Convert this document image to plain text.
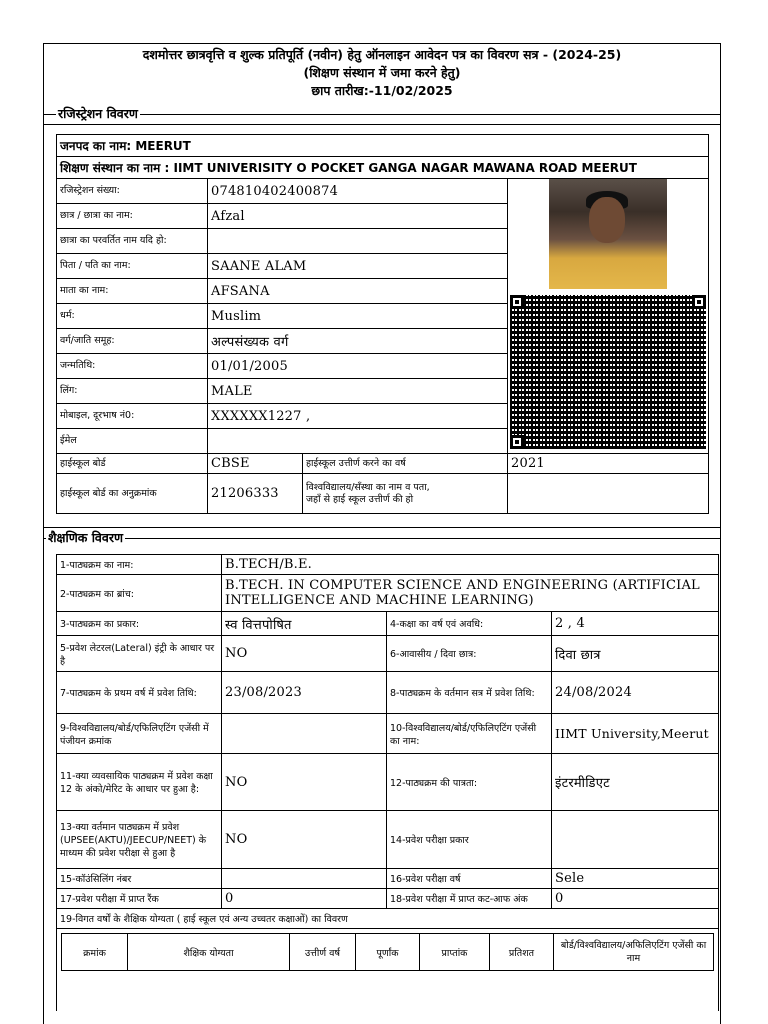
दशमोत्तर छात्रवृत्ति व शुल्क प्रतिपूर्ति (नवीन) हेतु ऑनलाइन आवेदन पत्र का विवरण सत्र - (2024-25)
(शिक्षण संस्थान में जमा करने हेतु)
छाप तारीख:-11/02/2025
रजिस्ट्रेशन विवरण
जनपद का नाम: MEERUT			
शिक्षण संस्थान का नाम : IIMT UNIVERISITY O POCKET GANGA NAGAR MAWANA ROAD MEERUT			
रजिस्ट्रेशन संख्या:	074810402400874		

छात्र / छात्रा का नाम:	Afzal		
छात्रा का परवर्तित नाम यदि हो:			
पिता / पति का नाम:	SAANE ALAM		
माता का नाम:	AFSANA		
धर्म:	Muslim		
वर्ग/जाति समूह:	अल्पसंख्यक वर्ग		
जन्मतिथि:	01/01/2005		
लिंग:	MALE		
मोबाइल, दूरभाष नं0:	XXXXXX1227 ,		
ईमेल			
हाईस्कूल बोर्ड	CBSE	हाईस्कूल उत्तीर्ण करने का वर्ष	2021
हाईस्कूल बोर्ड का अनुक्रमांक	21206333	विश्वविद्यालय/सँस्था का नाम व पता,
जहाँ से हाई स्कूल उत्तीर्ण की हो	

शैक्षणिक विवरण
1-पाठ्यक्रम का नाम:	B.TECH/B.E.
2-पाठ्यक्रम का ब्रांच:	B.TECH. IN COMPUTER SCIENCE AND ENGINEERING (ARTIFICIAL INTELLIGENCE AND MACHINE LEARNING)
3-पाठ्यक्रम का प्रकार:	स्व वित्तपोषित	4-कक्षा का वर्ष एवं अवधि:	2 , 4
5-प्रवेश लेटरल(Lateral) इंट्री के आधार पर है	NO	6-आवासीय / दिवा छात्र:	दिवा छात्र
7-पाठ्यक्रम के प्रथम वर्ष में प्रवेश तिथि:	23/08/2023	8-पाठ्यक्रम के वर्तमान सत्र में प्रवेश तिथि:	24/08/2024
9-विश्वविद्यालय/बोर्ड/एफिलिएटिंग एजेंसी में पंजीयन क्रमांक		10-विश्वविद्यालय/बोर्ड/एफिलिएटिंग एजेंसी का नाम:	IIMT University,Meerut
11-क्या व्यवसायिक पाठ्यक्रम में प्रवेश कक्षा 12 के अंको/मेरिट के आधार पर हुआ है:	NO	12-पाठ्यक्रम की पात्रता:	इंटरमीडिएट
13-क्या वर्तमान पाठ्यक्रम में प्रवेश (UPSEE(AKTU)/JEECUP/NEET) के माध्यम की प्रवेश परीक्षा से हुआ है	NO	14-प्रवेश परीक्षा प्रकार	
15-कॉउंसिलिंग नंबर		16-प्रवेश परीक्षा वर्ष	Sele
17-प्रवेश परीक्षा में प्राप्त रैंक	0	18-प्रवेश परीक्षा में प्राप्त कट-आफ अंक	0
19-विगत वर्षों के शैक्षिक योग्यता ( हाई स्कूल एवं अन्य उच्चतर कक्षाओं) का विवरण

क्रमांक	शैक्षिक योग्यता	उत्तीर्ण वर्ष	पूर्णांक	प्राप्तांक	प्रतिशत	बोर्ड/विश्वविद्यालय/अफिलिएटिंग एजेंसी का नाम
